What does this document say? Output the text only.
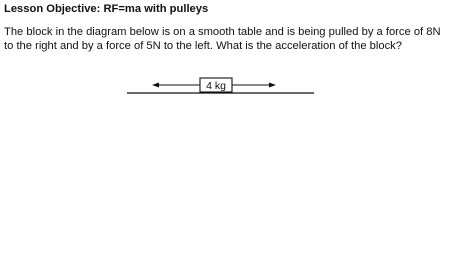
Lesson Objective: RF=ma with pulleys

The block in the diagram below is on a smooth table and is being pulled by a force of 8N to the right and by a force of 5N to the left. What is the acceleration of the block?

4 kg
